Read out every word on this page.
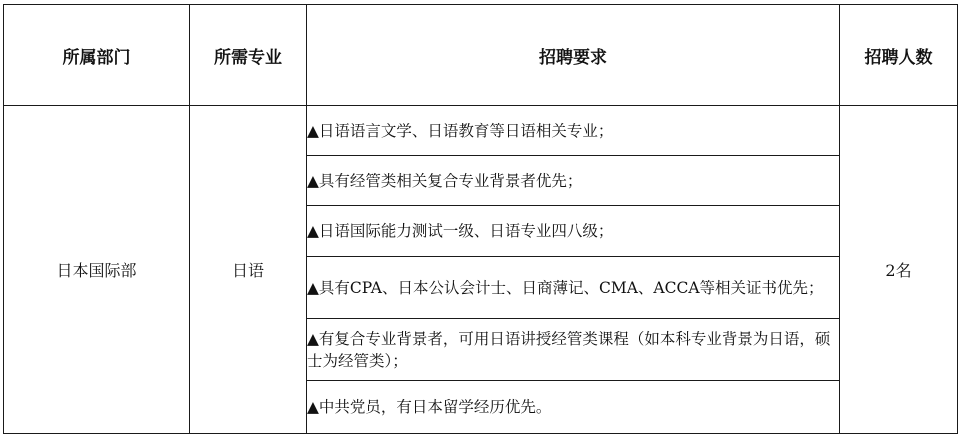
所属部门	所需专业	招聘要求	招聘人数
日本国际部	日语	▲日语语言文学、日语教育等日语相关专业；	2名
		▲具有经管类相关复合专业背景者优先；	
		▲日语国际能力测试一级、日语专业四八级；	
		▲具有CPA、日本公认会计士、日商薄记、CMA、ACCA等相关证书优先；	
		▲有复合专业背景者，可用日语讲授经管类课程（如本科专业背景为日语，硕士为经管类）；	
		▲中共党员，有日本留学经历优先。	
